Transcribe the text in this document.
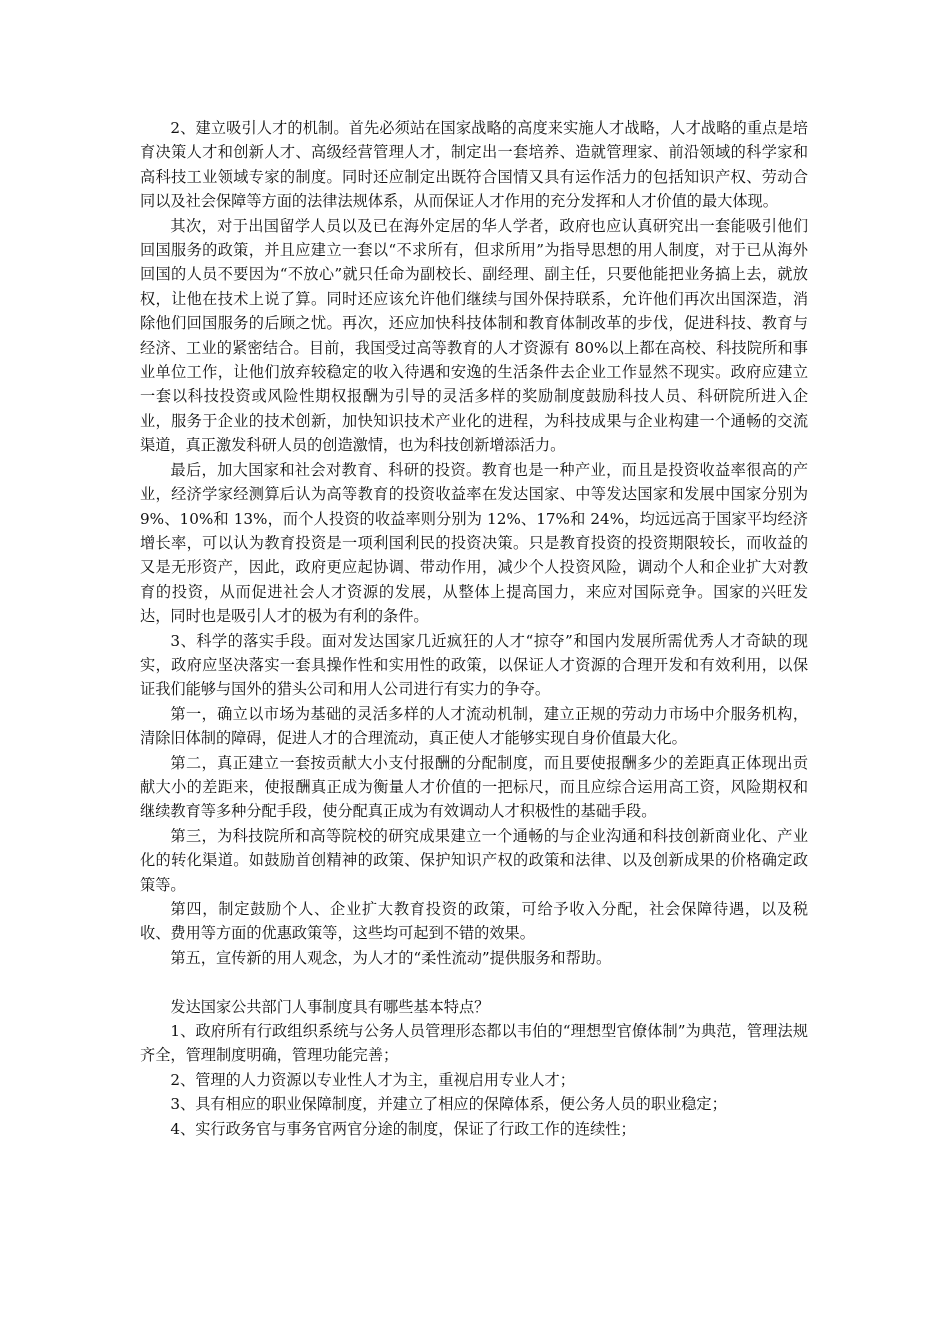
2、建立吸引人才的机制。首先必须站在国家战略的高度来实施人才战略，人才战略的重点是培育决策人才和创新人才、高级经营管理人才，制定出一套培养、造就管理家、前沿领域的科学家和高科技工业领域专家的制度。同时还应制定出既符合国情又具有运作活力的包括知识产权、劳动合同以及社会保障等方面的法律法规体系，从而保证人才作用的充分发挥和人才价值的最大体现。

其次，对于出国留学人员以及已在海外定居的华人学者，政府也应认真研究出一套能吸引他们回国服务的政策，并且应建立一套以“不求所有，但求所用”为指导思想的用人制度，对于已从海外回国的人员不要因为“不放心”就只任命为副校长、副经理、副主任，只要他能把业务搞上去，就放权，让他在技术上说了算。同时还应该允许他们继续与国外保持联系，允许他们再次出国深造，消除他们回国服务的后顾之忧。再次，还应加快科技体制和教育体制改革的步伐，促进科技、教育与经济、工业的紧密结合。目前，我国受过高等教育的人才资源有 80%以上都在高校、科技院所和事业单位工作，让他们放弃较稳定的收入待遇和安逸的生活条件去企业工作显然不现实。政府应建立一套以科技投资或风险性期权报酬为引导的灵活多样的奖励制度鼓励科技人员、科研院所进入企业，服务于企业的技术创新，加快知识技术产业化的进程，为科技成果与企业构建一个通畅的交流渠道，真正激发科研人员的创造激情，也为科技创新增添活力。

最后，加大国家和社会对教育、科研的投资。教育也是一种产业，而且是投资收益率很高的产业，经济学家经测算后认为高等教育的投资收益率在发达国家、中等发达国家和发展中国家分别为 9%、10%和 13%，而个人投资的收益率则分别为 12%、17%和 24%，均远远高于国家平均经济增长率，可以认为教育投资是一项利国利民的投资决策。只是教育投资的投资期限较长，而收益的又是无形资产，因此，政府更应起协调、带动作用，减少个人投资风险，调动个人和企业扩大对教育的投资，从而促进社会人才资源的发展，从整体上提高国力，来应对国际竞争。国家的兴旺发达，同时也是吸引人才的极为有利的条件。

3、科学的落实手段。面对发达国家几近疯狂的人才“掠夺”和国内发展所需优秀人才奇缺的现实，政府应坚决落实一套具操作性和实用性的政策，以保证人才资源的合理开发和有效利用，以保证我们能够与国外的猎头公司和用人公司进行有实力的争夺。

第一，确立以市场为基础的灵活多样的人才流动机制，建立正规的劳动力市场中介服务机构，清除旧体制的障碍，促进人才的合理流动，真正使人才能够实现自身价值最大化。

第二，真正建立一套按贡献大小支付报酬的分配制度，而且要使报酬多少的差距真正体现出贡献大小的差距来，使报酬真正成为衡量人才价值的一把标尺，而且应综合运用高工资，风险期权和继续教育等多种分配手段，使分配真正成为有效调动人才积极性的基础手段。

第三，为科技院所和高等院校的研究成果建立一个通畅的与企业沟通和科技创新商业化、产业化的转化渠道。如鼓励首创精神的政策、保护知识产权的政策和法律、以及创新成果的价格确定政策等。

第四，制定鼓励个人、企业扩大教育投资的政策，可给予收入分配，社会保障待遇，以及税收、费用等方面的优惠政策等，这些均可起到不错的效果。

第五，宣传新的用人观念，为人才的“柔性流动”提供服务和帮助。

发达国家公共部门人事制度具有哪些基本特点？

1、政府所有行政组织系统与公务人员管理形态都以韦伯的“理想型官僚体制”为典范，管理法规齐全，管理制度明确，管理功能完善；

2、管理的人力资源以专业性人才为主，重视启用专业人才；

3、具有相应的职业保障制度，并建立了相应的保障体系，便公务人员的职业稳定；

4、实行政务官与事务官两官分途的制度，保证了行政工作的连续性；
